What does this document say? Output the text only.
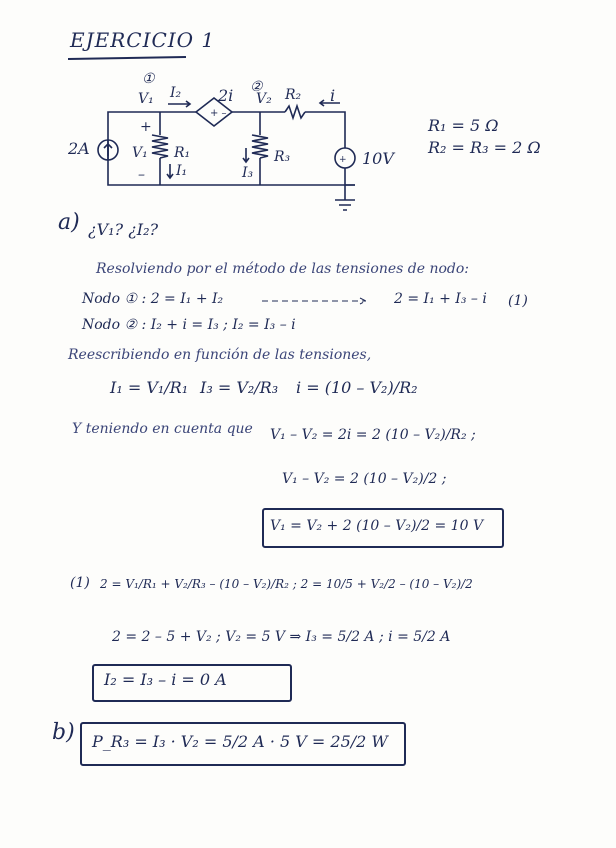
EJERCICIO 1
+ –
+
①	②
V₁ I₂ 2i V₂ R₂ i
+
2A	V₁ R₁
I₁
–
R₃
I₃
10V
R₁ = 5 Ω
R₂ = R₃ = 2 Ω
a) ¿V₁? ¿I₂?
Resolviendo por el método de las tensiones de nodo:
Nodo ① : 2 = I₁ + I₂	2 = I₁ + I₃ – i (1)
Nodo ② : I₂ + i = I₃ ; I₂ = I₃ – i
Reescribiendo en función de las tensiones,
I₁ = V₁/R₁ I₃ = V₂/R₃ i = (10 – V₂)/R₂
Y teniendo en cuenta que V₁ – V₂ = 2i = 2 (10 – V₂)/R₂ ;
V₁ – V₂ = 2 (10 – V₂)/2 ;
V₁ = V₂ + 2 (10 – V₂)/2 = 10 V
(1) 2 = V₁/R₁ + V₂/R₃ – (10 – V₂)/R₂ ; 2 = 10/5 + V₂/2 – (10 – V₂)/2
2 = 2 – 5 + V₂ ; V₂ = 5 V ⇒ I₃ = 5/2 A ; i = 5/2 A
I₂ = I₃ – i = 0 A
b) P_R₃ = I₃ · V₂ = 5/2 A · 5 V = 25/2 W
